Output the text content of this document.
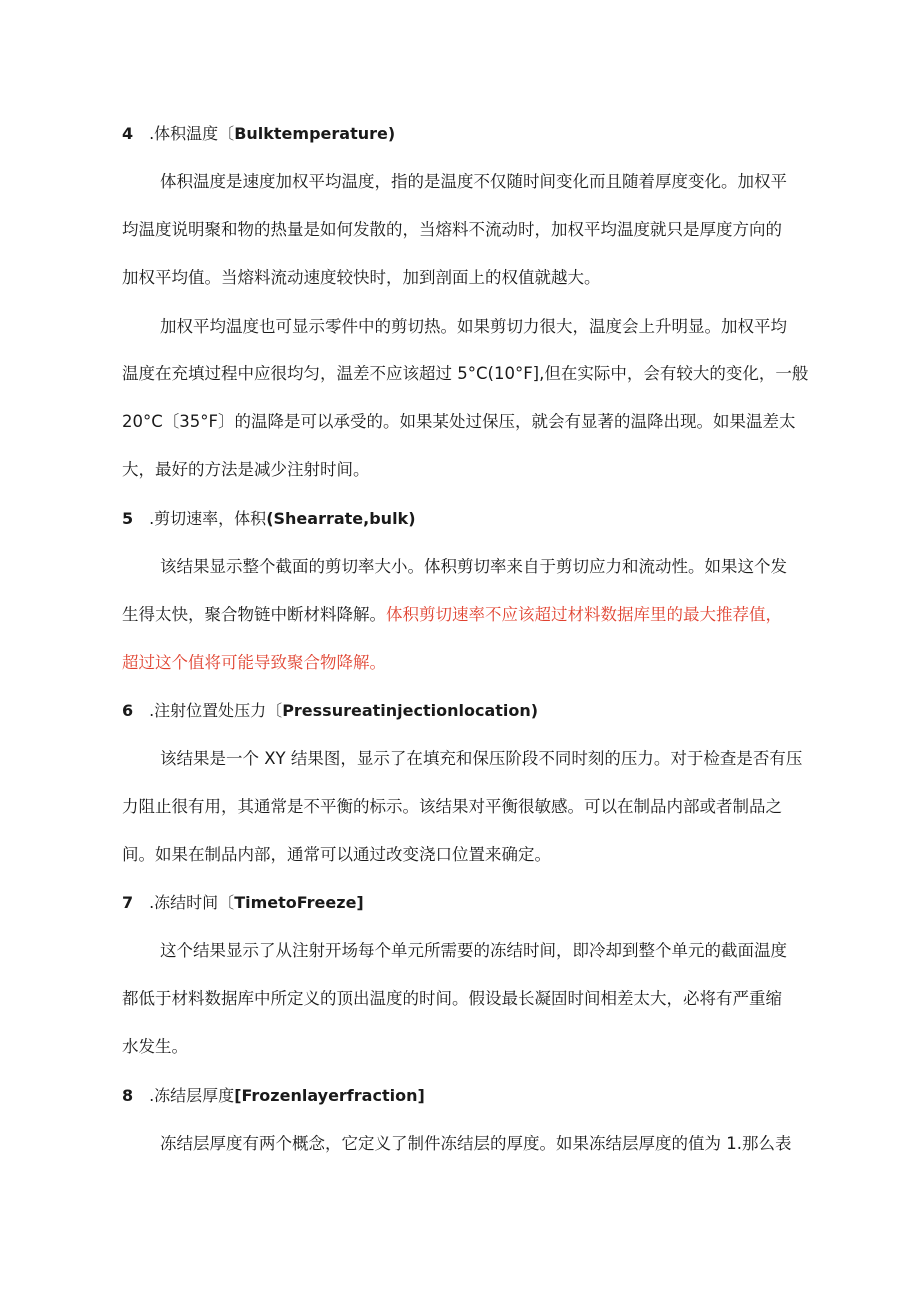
4 .体积温度〔Bulktemperature)
体积温度是速度加权平均温度，指的是温度不仅随时间变化而且随着厚度变化。加权平
均温度说明聚和物的热量是如何发散的，当熔料不流动时，加权平均温度就只是厚度方向的
加权平均值。当熔料流动速度较快时，加到剖面上的权值就越大。
加权平均温度也可显示零件中的剪切热。如果剪切力很大，温度会上升明显。加权平均
温度在充填过程中应很均匀，温差不应该超过 5°C(10°F],但在实际中，会有较大的变化，一般
20°C〔35°F〕的温降是可以承受的。如果某处过保压，就会有显著的温降出现。如果温差太
大，最好的方法是减少注射时间。
5 .剪切速率，体积(Shearrate,bulk)
该结果显示整个截面的剪切率大小。体积剪切率来自于剪切应力和流动性。如果这个发
生得太快，聚合物链中断材料降解。体积剪切速率不应该超过材料数据库里的最大推荐值，
超过这个值将可能导致聚合物降解。
6 .注射位置处压力〔Pressureatinjectionlocation)
该结果是一个 XY 结果图，显示了在填充和保压阶段不同时刻的压力。对于检查是否有压
力阻止很有用，其通常是不平衡的标示。该结果对平衡很敏感。可以在制品内部或者制品之
间。如果在制品内部，通常可以通过改变浇口位置来确定。
7 .冻结时间〔TimetoFreeze]
这个结果显示了从注射开场每个单元所需要的冻结时间，即冷却到整个单元的截面温度
都低于材料数据库中所定义的顶出温度的时间。假设最长凝固时间相差太大，必将有严重缩
水发生。
8 .冻结层厚度[Frozenlayerfraction]
冻结层厚度有两个概念，它定义了制件冻结层的厚度。如果冻结层厚度的值为 1.那么表
